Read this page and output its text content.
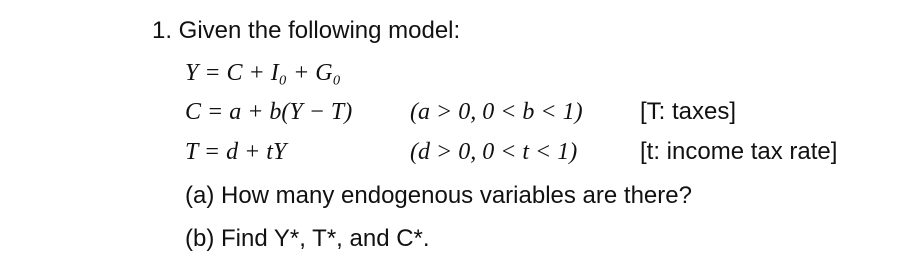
1. Given the following model:
Y = C + I₀ + G₀
C = a + b(Y − T) (a > 0, 0 < b < 1) [T: taxes]
T = d + tY	(d > 0, 0 < t < 1)	[t: income tax rate]
(a) How many endogenous variables are there?
(b) Find Y*, T*, and C*.
